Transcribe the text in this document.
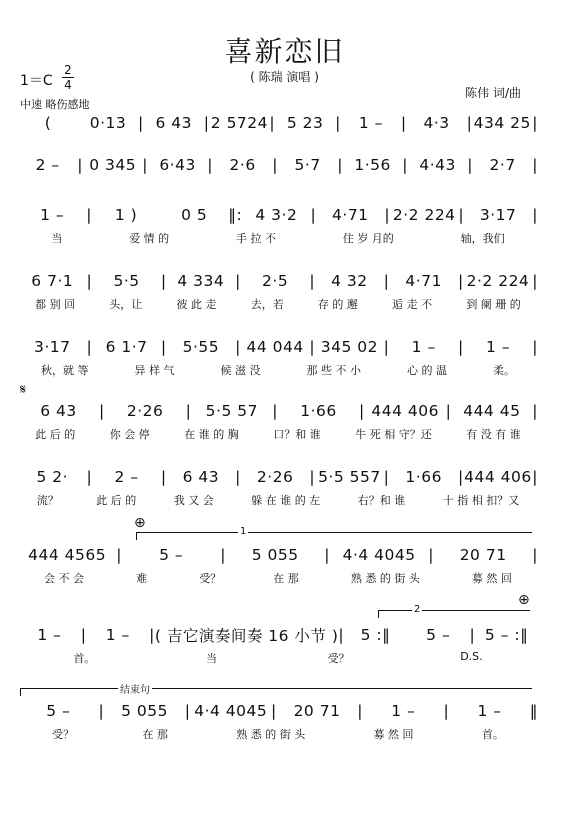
喜新恋旧
( 陈瑞 演唱 )
1＝C
2
4
中速 略伤感地
陈伟 词/曲
(	0·13 | 6 43 | 2 5724 | 5 23 |	1 –	|	4·3	| 434 25 |
2 –	| 0 345 | 6·43 |	2·6	|	5·7	| 1·56 | 4·43 |	2·7	|
1 –	|	1 )	0 5	‖: 4 3·2 |	4·71	| 2·2 224 |	3·17	|
当	爱 情 的	手 拉 不	住 岁 月的	轴，我们
6 7·1 |	5·5	| 4 334 |	2·5	|	4 32	|	4·71	| 2·2 224 |
都 别 回	头，让	彼 此 走	去，若	存 的 邂	逅 走 不	到 阑 珊 的
3·17	| 6 1·7 |	5·55	| 44 044 | 345 02 |	1 –	|	1 –	|
秋，就 等	异 样 气	候 滋 没	那 些 不 小	心 的 温	柔。
6 43	|	2·26	| 5·5 57 |	1·66	| 444 406 | 444 45 |
此 后 的	你 会 停	在 谁 的 胸	口？和 谁	牛 死 相 守？还	有 没 有 谁
5 2·	|	2 –	|	6 43	|	2·26	| 5·5 557 |	1·66	| 444 406 |
流？	此 后 的	我 又 会	躲 在 谁 的 左	右？和 谁	十 指 相 扣？又
444 4565 |	5 –	|	5 055	| 4·4 4045 |	20 71	|
会 不 会	难	受？	在 那	熟 悉 的 街 头	募 然 回
1 –	|	1 –	| ( 吉它演奏间奏 16 小节 ) |	5 :‖	5 –	| 5 – :‖
首。	当	受？	D.S.
5 –	|	5 055	| 4·4 4045 |	20 71	|	1 –	|	1 –	‖
受？	在 那	熟 悉 的 街 头	募 然 回	首。
𝄋
⊕
⊕
1
2
结束句
